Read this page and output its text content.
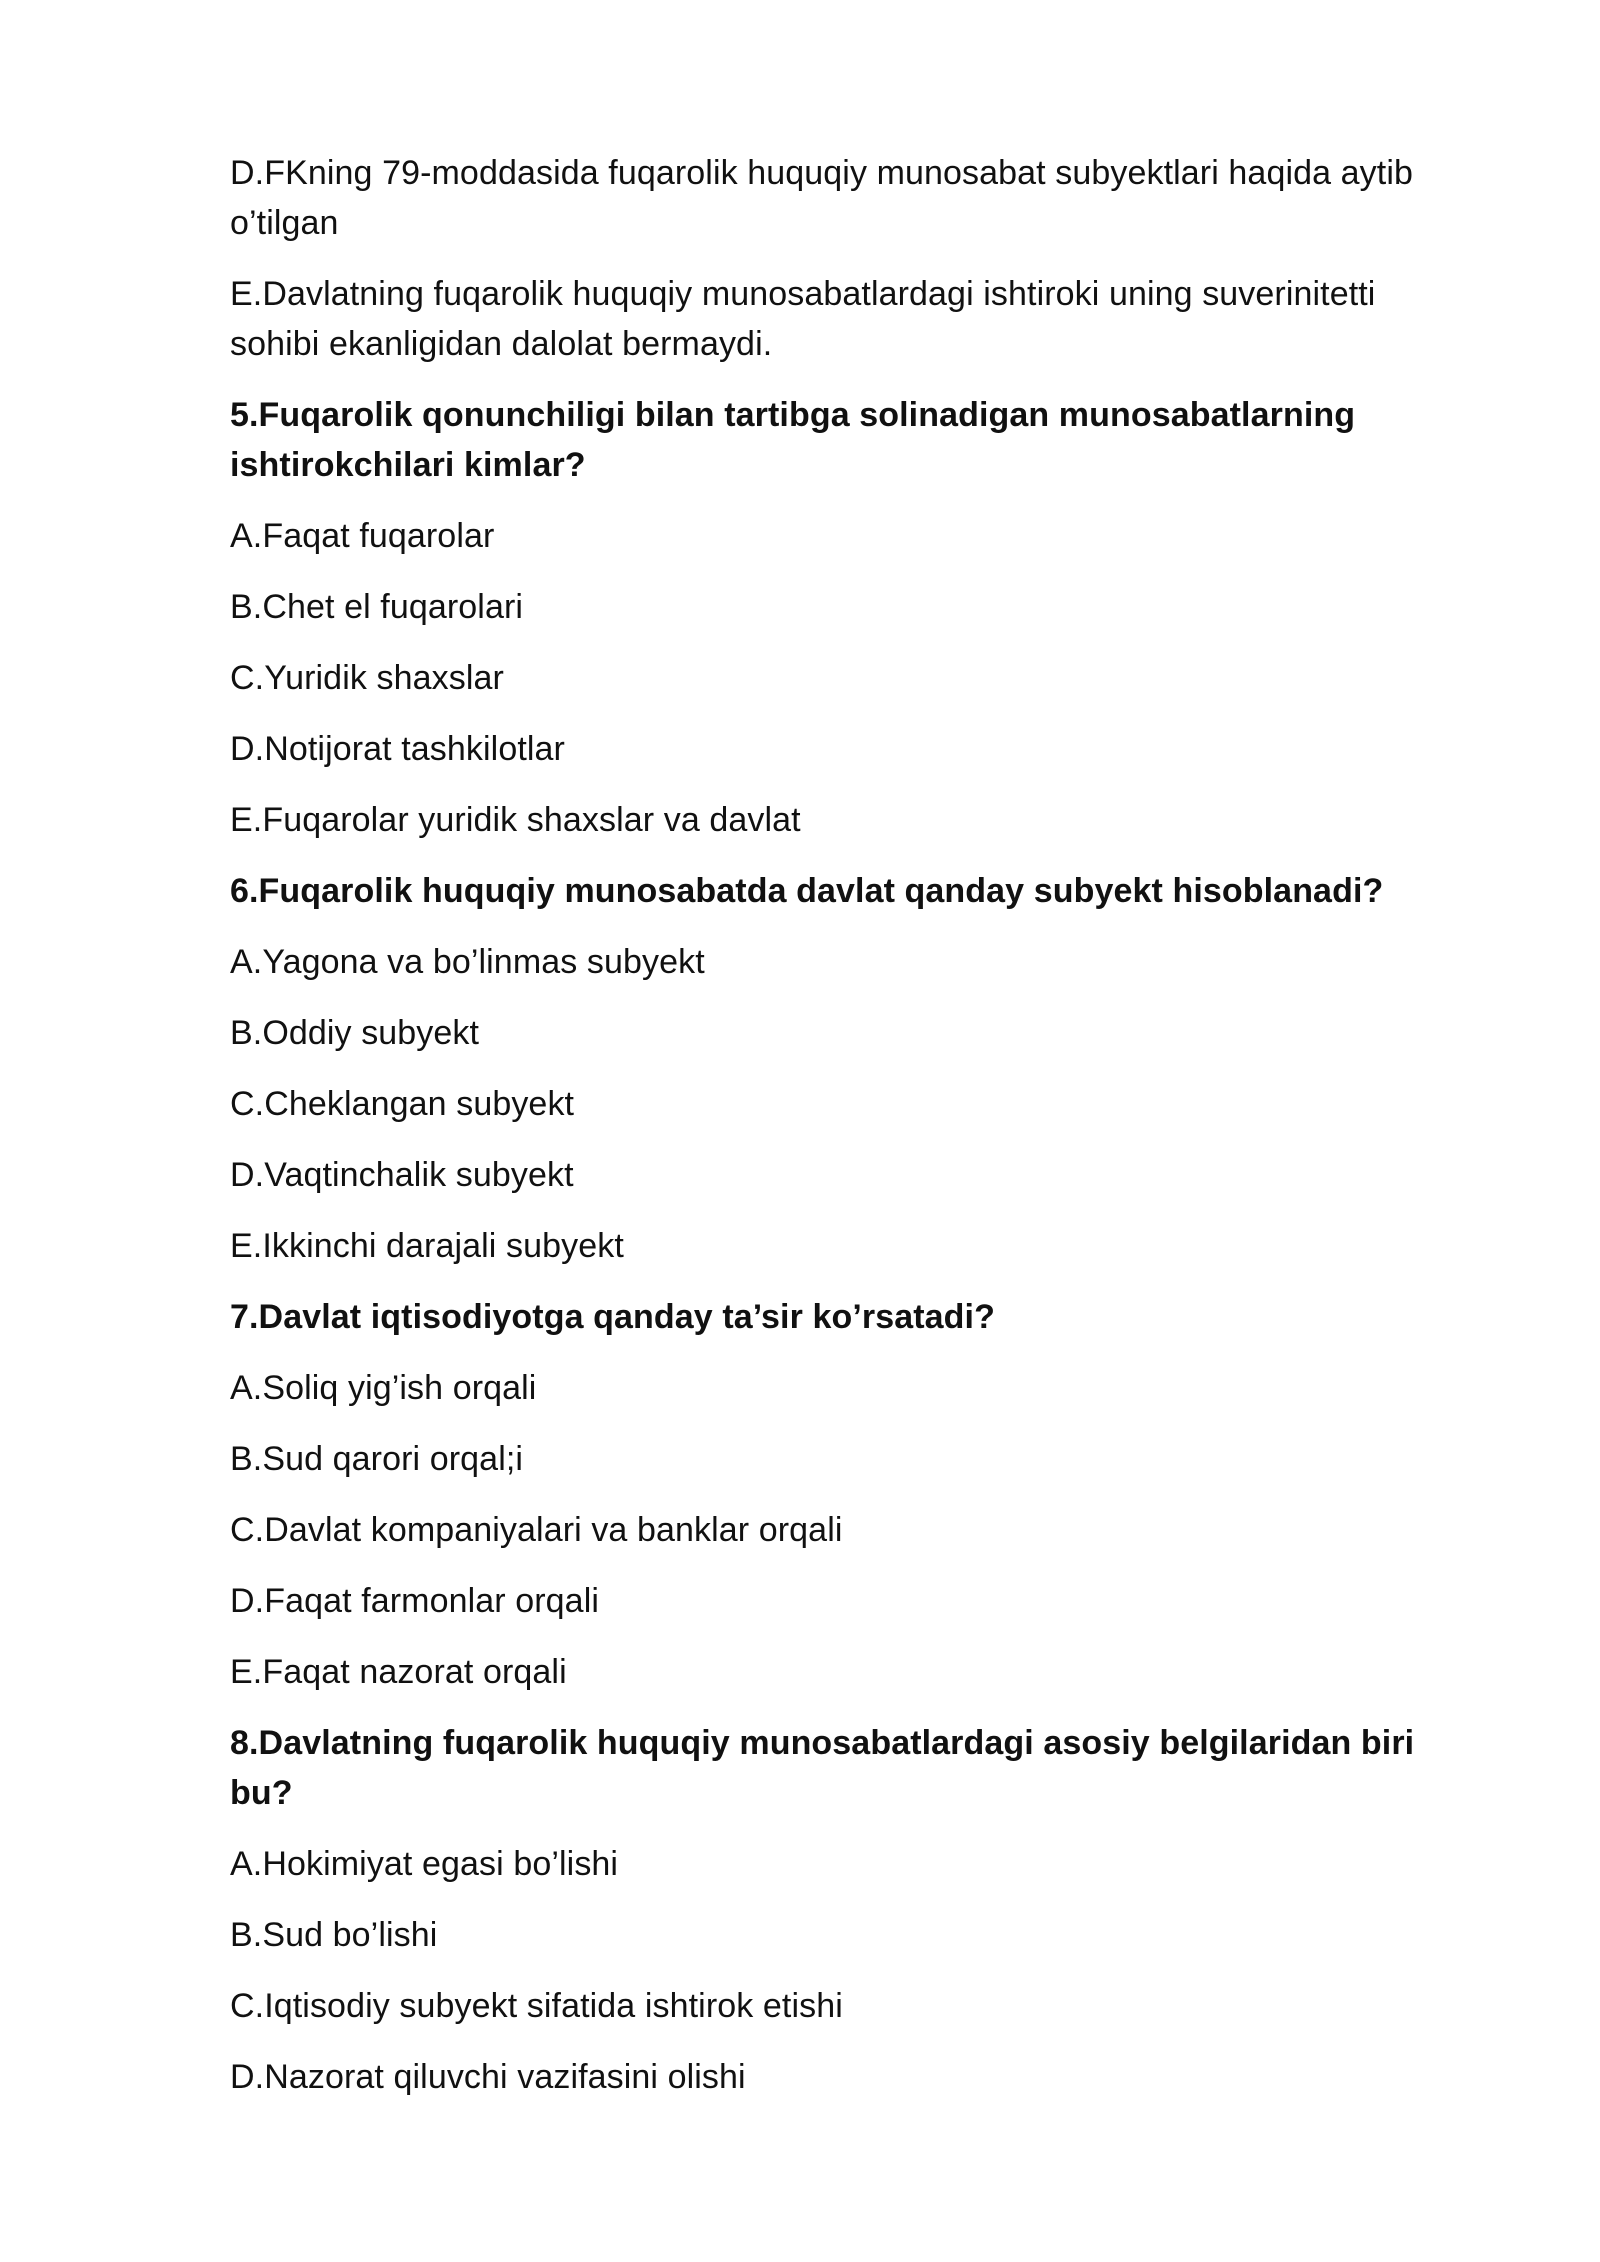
D.FKning 79-moddasida fuqarolik huquqiy munosabat subyektlari haqida aytib o’tilgan

E.Davlatning fuqarolik huquqiy munosabatlardagi ishtiroki uning suverinitetti sohibi ekanligidan dalolat bermaydi.

5.Fuqarolik qonunchiligi bilan tartibga solinadigan munosabatlarning ishtirokchilari kimlar?

A.Faqat fuqarolar

B.Chet el fuqarolari

C.Yuridik shaxslar

D.Notijorat tashkilotlar

E.Fuqarolar yuridik shaxslar va davlat

6.Fuqarolik huquqiy munosabatda davlat qanday subyekt hisoblanadi?

A.Yagona va bo’linmas subyekt

B.Oddiy subyekt

C.Cheklangan subyekt

D.Vaqtinchalik subyekt

E.Ikkinchi darajali subyekt

7.Davlat iqtisodiyotga qanday ta’sir ko’rsatadi?

A.Soliq yig’ish orqali

B.Sud qarori orqal;i

C.Davlat kompaniyalari va banklar orqali

D.Faqat farmonlar orqali

E.Faqat nazorat orqali

8.Davlatning fuqarolik huquqiy munosabatlardagi asosiy belgilaridan biri bu?

A.Hokimiyat egasi bo’lishi

B.Sud bo’lishi

C.Iqtisodiy subyekt sifatida ishtirok etishi

D.Nazorat qiluvchi vazifasini olishi
